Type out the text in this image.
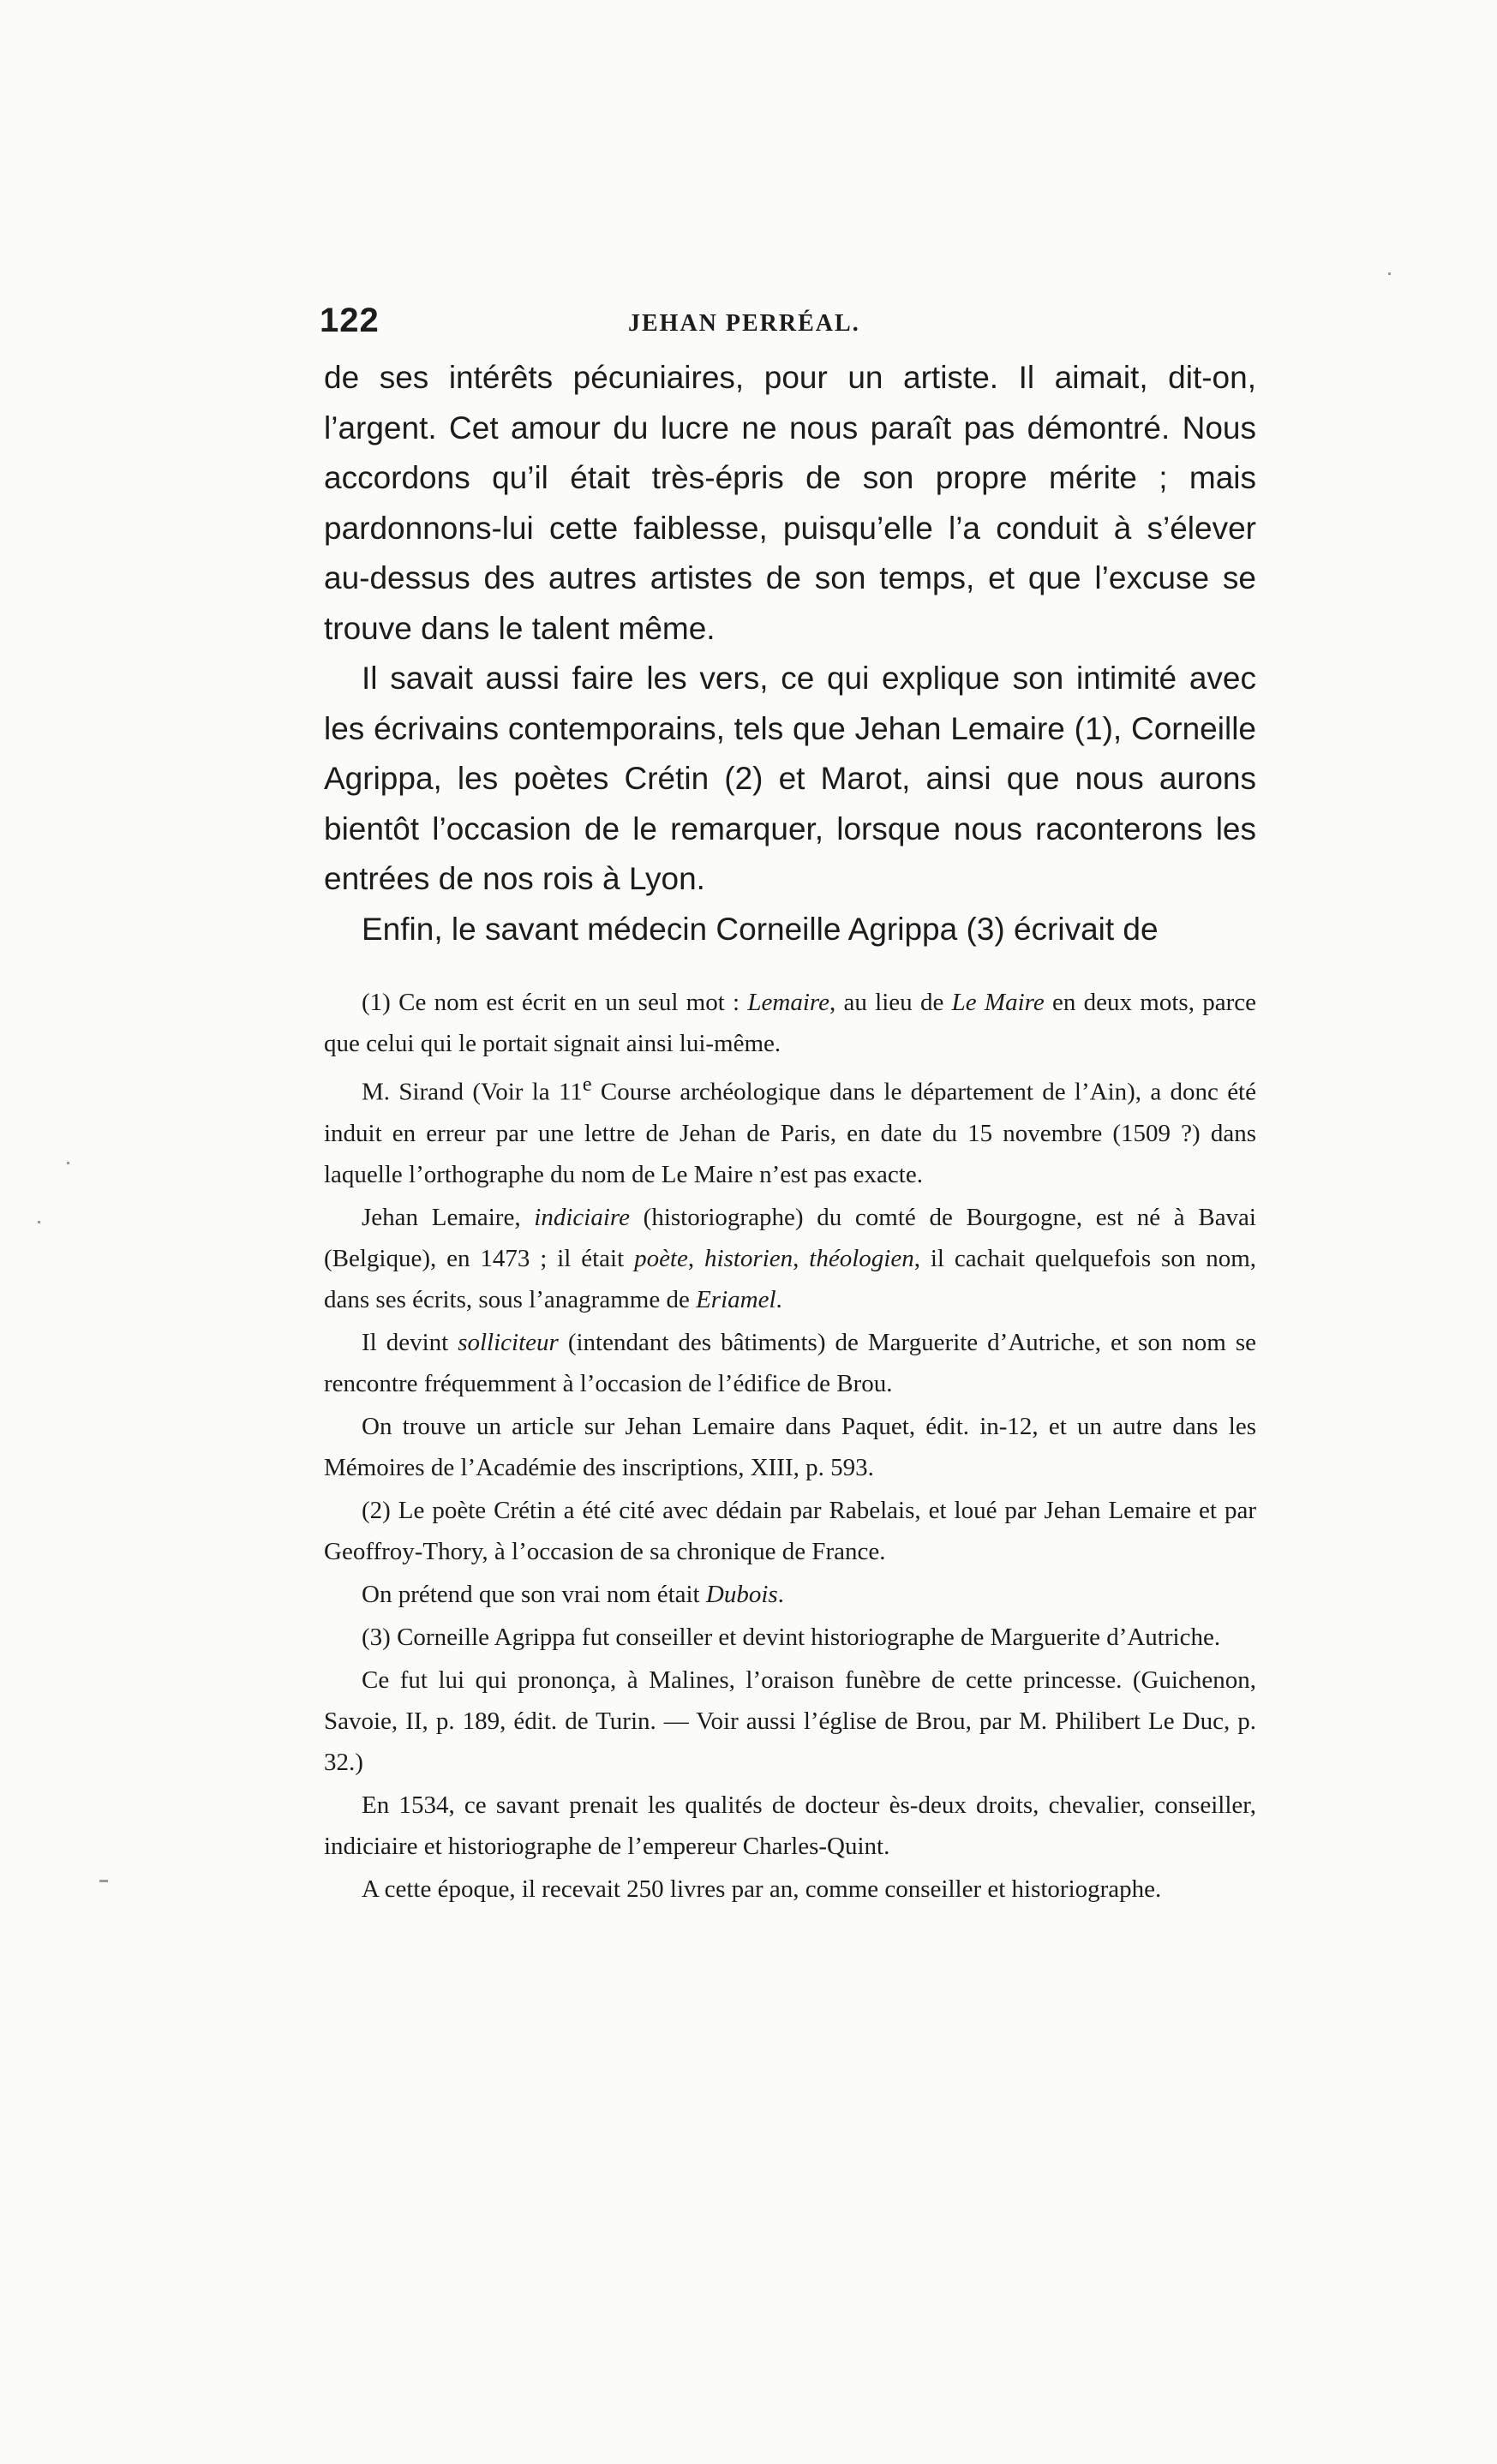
122	JEHAN PERRÉAL.

de ses intérêts pécuniaires, pour un artiste. Il aimait, dit-on, l’argent. Cet amour du lucre ne nous paraît pas démontré. Nous accordons qu’il était très-épris de son propre mérite ; mais pardonnons-lui cette faiblesse, puisqu’elle l’a conduit à s’élever au-dessus des autres artistes de son temps, et que l’excuse se trouve dans le talent même.

Il savait aussi faire les vers, ce qui explique son intimité avec les écrivains contemporains, tels que Jehan Lemaire (1), Corneille Agrippa, les poètes Crétin (2) et Marot, ainsi que nous aurons bientôt l’occasion de le remarquer, lorsque nous raconterons les entrées de nos rois à Lyon.

Enfin, le savant médecin Corneille Agrippa (3) écrivait de

(1) Ce nom est écrit en un seul mot : Lemaire, au lieu de Le Maire en deux mots, parce que celui qui le portait signait ainsi lui-même.

M. Sirand (Voir la 11e Course archéologique dans le département de l’Ain), a donc été induit en erreur par une lettre de Jehan de Paris, en date du 15 novembre (1509 ?) dans laquelle l’orthographe du nom de Le Maire n’est pas exacte.

Jehan Lemaire, indiciaire (historiographe) du comté de Bourgogne, est né à Bavai (Belgique), en 1473 ; il était poète, historien, théologien, il cachait quelquefois son nom, dans ses écrits, sous l’anagramme de Eriamel.

Il devint solliciteur (intendant des bâtiments) de Marguerite d’Autriche, et son nom se rencontre fréquemment à l’occasion de l’édifice de Brou.

On trouve un article sur Jehan Lemaire dans Paquet, édit. in-12, et un autre dans les Mémoires de l’Académie des inscriptions, XIII, p. 593.

(2) Le poète Crétin a été cité avec dédain par Rabelais, et loué par Jehan Lemaire et par Geoffroy-Thory, à l’occasion de sa chronique de France.

On prétend que son vrai nom était Dubois.

(3) Corneille Agrippa fut conseiller et devint historiographe de Marguerite d’Autriche.

Ce fut lui qui prononça, à Malines, l’oraison funèbre de cette princesse. (Guichenon, Savoie, II, p. 189, édit. de Turin. — Voir aussi l’église de Brou, par M. Philibert Le Duc, p. 32.)

En 1534, ce savant prenait les qualités de docteur ès-deux droits, chevalier, conseiller, indiciaire et historiographe de l’empereur Charles-Quint.

A cette époque, il recevait 250 livres par an, comme conseiller et historiographe.
